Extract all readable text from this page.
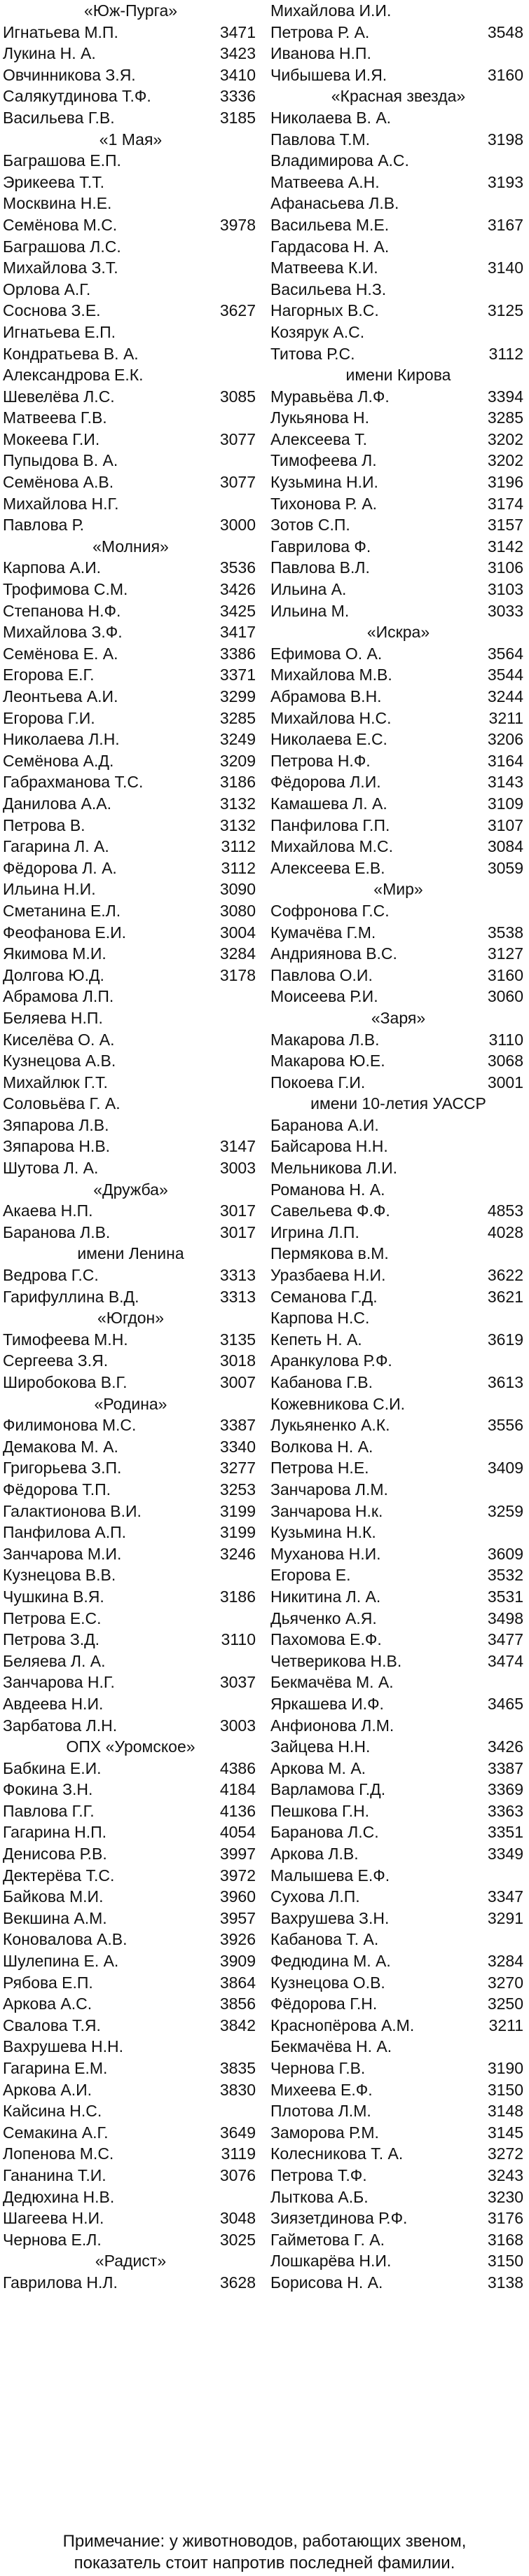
«Юж-Пурга»
Игнатьева М.П.	3471
Лукина Н. А.	3423
Овчинникова З.Я.	3410
Салякутдинова Т.Ф.	3336
Васильева Г.В.	3185
«1 Мая»
Баграшова Е.П.
Эрикеева Т.Т.
Москвина Н.Е.
Семёнова М.С.	3978
Баграшова Л.С.
Михайлова З.Т.
Орлова А.Г.
Соснова З.Е.	3627
Игнатьева Е.П.
Кондратьева В. А.
Александрова Е.К.
Шевелёва Л.С.	3085
Матвеева Г.В.
Мокеева Г.И.	3077
Пупыдова В. А.
Семёнова А.В.	3077
Михайлова Н.Г.
Павлова Р.	3000
«Молния»
Карпова А.И.	3536
Трофимова С.М.	3426
Степанова Н.Ф.	3425
Михайлова З.Ф.	3417
Семёнова Е. А.	3386
Егорова Е.Г.	3371
Леонтьева А.И.	3299
Егорова Г.И.	3285
Николаева Л.Н.	3249
Семёнова А.Д.	3209
Габрахманова Т.С.	3186
Данилова А.А.	3132
Петрова В.	3132
Гагарина Л. А.	3112
Фёдорова Л. А.	3112
Ильина Н.И.	3090
Сметанина Е.Л.	3080
Феофанова Е.И.	3004
Якимова М.И.	3284
Долгова Ю.Д.	3178
Абрамова Л.П.
Беляева Н.П.
Киселёва О. А.
Кузнецова А.В.
Михайлюк Г.Т.
Соловьёва Г. А.
Зяпарова Л.В.
Зяпарова Н.В.	3147
Шутова Л. А.	3003
«Дружба»
Акаева Н.П.	3017
Баранова Л.В.	3017
имени Ленина
Ведрова Г.С.	3313
Гарифуллина В.Д.	3313
«Югдон»
Тимофеева М.Н.	3135
Сергеева З.Я.	3018
Широбокова В.Г.	3007
«Родина»
Филимонова М.С.	3387
Демакова М. А.	3340
Григорьева З.П.	3277
Фёдорова Т.П.	3253
Галактионова В.И.	3199
Панфилова А.П.	3199
Занчарова М.И.	3246
Кузнецова В.В.
Чушкина В.Я.	3186
Петрова Е.С.
Петрова З.Д.	3110
Беляева Л. А.
Занчарова Н.Г.	3037
Авдеева Н.И.
Зарбатова Л.Н.	3003
ОПХ «Уромское»
Бабкина Е.И.	4386
Фокина З.Н.	4184
Павлова Г.Г.	4136
Гагарина Н.П.	4054
Денисова Р.В.	3997
Дектерёва Т.С.	3972
Байкова М.И.	3960
Векшина А.М.	3957
Коновалова А.В.	3926
Шулепина Е. А.	3909
Рябова Е.П.	3864
Аркова А.С.	3856
Свалова Т.Я.	3842
Вахрушева Н.Н.
Гагарина Е.М.	3835
Аркова А.И.	3830
Кайсина Н.С.
Семакина А.Г.	3649
Лопенова М.С.	3119
Гананина Т.И.	3076
Дедюхина Н.В.
Шагеева Н.И.	3048
Чернова Е.Л.	3025
«Радист»
Гаврилова Н.Л.	3628
Михайлова И.И.
Петрова Р. А.	3548
Иванова Н.П.
Чибышева И.Я.	3160
«Красная звезда»
Николаева В. А.
Павлова Т.М.	3198
Владимирова А.С.
Матвеева А.Н.	3193
Афанасьева Л.В.
Васильева М.Е.	3167
Гардасова Н. А.
Матвеева К.И.	3140
Васильева Н.З.
Нагорных В.С.	3125
Козярук А.С.
Титова Р.С.	3112
имени Кирова
Муравьёва Л.Ф.	3394
Лукьянова Н.	3285
Алексеева Т.	3202
Тимофеева Л.	3202
Кузьмина Н.И.	3196
Тихонова Р. А.	3174
Зотов С.П.	3157
Гаврилова Ф.	3142
Павлова В.Л.	3106
Ильина А.	3103
Ильина М.	3033
«Искра»
Ефимова О. А.	3564
Михайлова М.В.	3544
Абрамова В.Н.	3244
Михайлова Н.С.	3211
Николаева Е.С.	3206
Петрова Н.Ф.	3164
Фёдорова Л.И.	3143
Камашева Л. А.	3109
Панфилова Г.П.	3107
Михайлова М.С.	3084
Алексеева Е.В.	3059
«Мир»
Софронова Г.С.
Кумачёва Г.М.	3538
Андриянова В.С.	3127
Павлова О.И.	3160
Моисеева Р.И.	3060
«Заря»
Макарова Л.В.	3110
Макарова Ю.Е.	3068
Покоева Г.И.	3001
имени 10-летия УАССР
Баранова А.И.
Байсарова Н.Н.
Мельникова Л.И.
Романова Н. А.
Савельева Ф.Ф.	4853
Игрина Л.П.	4028
Пермякова в.М.
Уразбаева Н.И.	3622
Семанова Г.Д.	3621
Карпова Н.С.
Кепеть Н. А.	3619
Аранкулова Р.Ф.
Кабанова Г.В.	3613
Кожевникова С.И.
Лукьяненко А.К.	3556
Волкова Н. А.
Петрова Н.Е.	3409
Занчарова Л.М.
Занчарова Н.к.	3259
Кузьмина Н.К.
Муханова Н.И.	3609
Егорова Е.	3532
Никитина Л. А.	3531
Дьяченко А.Я.	3498
Пахомова Е.Ф.	3477
Четверикова Н.В.	3474
Бекмачёва М. А.
Яркашева И.Ф.	3465
Анфионова Л.М.
Зайцева Н.Н.	3426
Аркова М. А.	3387
Варламова Г.Д.	3369
Пешкова Г.Н.	3363
Баранова Л.С.	3351
Аркова Л.В.	3349
Малышева Е.Ф.
Сухова Л.П.	3347
Вахрушева З.Н.	3291
Кабанова Т. А.
Федюдина М. А.	3284
Кузнецова О.В.	3270
Фёдорова Г.Н.	3250
Краснопёрова А.М.	3211
Бекмачёва Н. А.
Чернова Г.В.	3190
Михеева Е.Ф.	3150
Плотова Л.М.	3148
Заморова Р.М.	3145
Колесникова Т. А.	3272
Петрова Т.Ф.	3243
Лыткова А.Б.	3230
Зиязетдинова Р.Ф.	3176
Гайметова Г. А.	3168
Лошкарёва Н.И.	3150
Борисова Н. А.	3138
Примечание: у животноводов, работающих звеном,
показатель стоит напротив последней фамилии.
